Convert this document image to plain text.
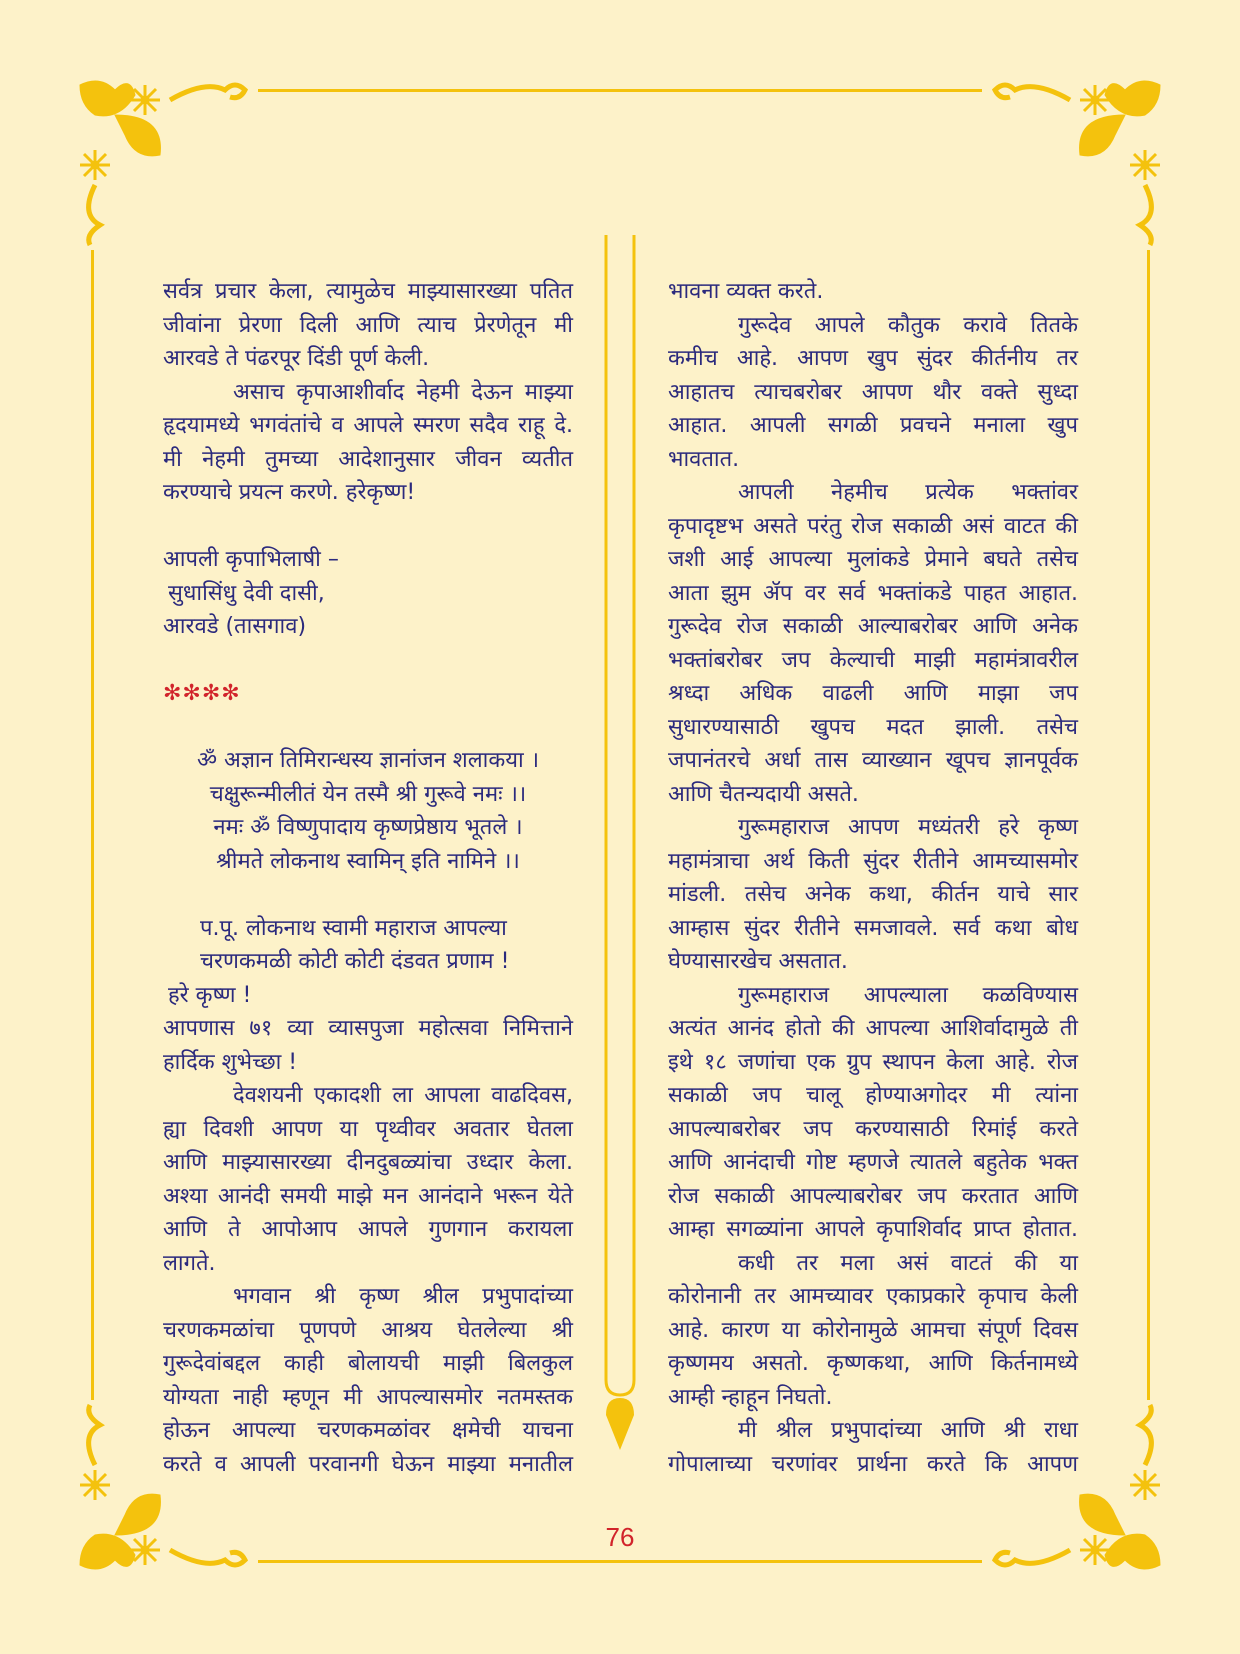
सर्वत्र प्रचार केला, त्यामुळेच माझ्यासारख्या पतित
जीवांना प्रेरणा दिली आणि त्याच प्रेरणेतून मी
आरवडे ते पंढरपूर दिंडी पूर्ण केली.
असाच कृपाआशीर्वाद नेहमी देऊन माझ्या
हृदयामध्ये भगवंतांचे व आपले स्मरण सदैव राहू दे.
मी नेहमी तुमच्या आदेशानुसार जीवन व्यतीत
करण्याचे प्रयत्न करणे. हरेकृष्ण!
आपली कृपाभिलाषी –
सुधासिंधु देवी दासी,
आरवडे (तासगाव)
✻✻✻✻
ॐ अज्ञान तिमिरान्धस्य ज्ञानांजन शलाकया ।
चक्षुरून्मीलीतं येन तस्मै श्री गुरूवे नमः ।।
नमः ॐ विष्णुपादाय कृष्णप्रेष्ठाय भूतले ।
श्रीमते लोकनाथ स्वामिन् इति नामिने ।।
प.पू. लोकनाथ स्वामी महाराज आपल्या
चरणकमळी कोटी कोटी दंडवत प्रणाम !
हरे कृष्ण !
आपणास ७१ व्या व्यासपुजा महोत्सवा निमित्ताने
हार्दिक शुभेच्छा !
देवशयनी एकादशी ला आपला वाढदिवस,
ह्या दिवशी आपण या पृथ्वीवर अवतार घेतला
आणि माझ्यासारख्या दीनदुबळ्यांचा उध्दार केला.
अश्या आनंदी समयी माझे मन आनंदाने भरून येते
आणि ते आपोआप आपले गुणगान करायला
लागते.
भगवान श्री कृष्ण श्रील प्रभुपादांच्या
चरणकमळांचा पूणपणे आश्रय घेतलेल्या श्री
गुरूदेवांबद्दल काही बोलायची माझी बिलकुल
योग्यता नाही म्हणून मी आपल्यासमोर नतमस्तक
होऊन आपल्या चरणकमळांवर क्षमेची याचना
करते व आपली परवानगी घेऊन माझ्या मनातील
भावना व्यक्त करते.
गुरूदेव आपले कौतुक करावे तितके
कमीच आहे. आपण खुप सुंदर कीर्तनीय तर
आहातच त्याचबरोबर आपण थौर वक्ते सुध्दा
आहात. आपली सगळी प्रवचने मनाला खुप
भावतात.
आपली नेहमीच प्रत्येक भक्तांवर
कृपादृष्टभ असते परंतु रोज सकाळी असं वाटत की
जशी आई आपल्या मुलांकडे प्रेमाने बघते तसेच
आता झुम ॲप वर सर्व भक्तांकडे पाहत आहात.
गुरूदेव रोज सकाळी आल्याबरोबर आणि अनेक
भक्तांबरोबर जप केल्याची माझी महामंत्रावरील
श्रध्दा अधिक वाढली आणि माझा जप
सुधारण्यासाठी खुपच मदत झाली. तसेच
जपानंतरचे अर्धा तास व्याख्यान खूपच ज्ञानपूर्वक
आणि चैतन्यदायी असते.
गुरूमहाराज आपण मध्यंतरी हरे कृष्ण
महामंत्राचा अर्थ किती सुंदर रीतीने आमच्यासमोर
मांडली. तसेच अनेक कथा, कीर्तन याचे सार
आम्हास सुंदर रीतीने समजावले. सर्व कथा बोध
घेण्यासारखेच असतात.
गुरूमहाराज आपल्याला कळविण्यास
अत्यंत आनंद होतो की आपल्या आशिर्वादामुळे ती
इथे १८ जणांचा एक ग्रुप स्थापन केला आहे. रोज
सकाळी जप चालू होण्याअगोदर मी त्यांना
आपल्याबरोबर जप करण्यासाठी रिमांई करते
आणि आनंदाची गोष्ट म्हणजे त्यातले बहुतेक भक्त
रोज सकाळी आपल्याबरोबर जप करतात आणि
आम्हा सगळ्यांना आपले कृपाशिर्वाद प्राप्त होतात.
कधी तर मला असं वाटतं की या
कोरोनानी तर आमच्यावर एकाप्रकारे कृपाच केली
आहे. कारण या कोरोनामुळे आमचा संपूर्ण दिवस
कृष्णमय असतो. कृष्णकथा, आणि किर्तनामध्ये
आम्ही न्हाहून निघतो.
मी श्रील प्रभुपादांच्या आणि श्री राधा
गोपालाच्या चरणांवर प्रार्थना करते कि आपण
76
